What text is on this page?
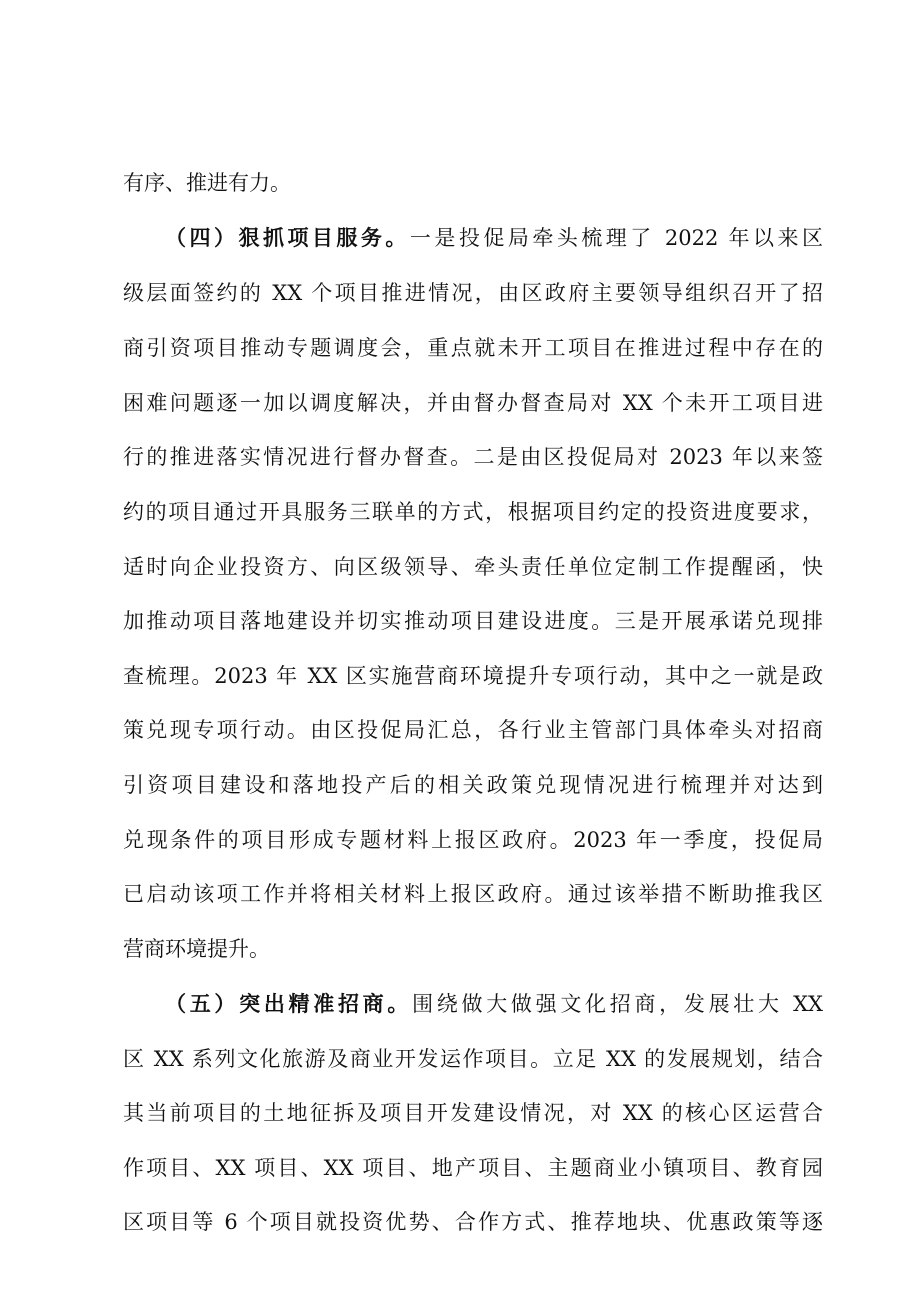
有序、推进有力。
（四）狠抓项目服务。一是投促局牵头梳理了 2022 年以来区
级层面签约的 XX 个项目推进情况，由区政府主要领导组织召开了招
商引资项目推动专题调度会，重点就未开工项目在推进过程中存在的
困难问题逐一加以调度解决，并由督办督查局对 XX 个未开工项目进
行的推进落实情况进行督办督查。二是由区投促局对 2023 年以来签
约的项目通过开具服务三联单的方式，根据项目约定的投资进度要求，
适时向企业投资方、向区级领导、牵头责任单位定制工作提醒函，快
加推动项目落地建设并切实推动项目建设进度。三是开展承诺兑现排
查梳理。2023 年 XX 区实施营商环境提升专项行动，其中之一就是政
策兑现专项行动。由区投促局汇总，各行业主管部门具体牵头对招商
引资项目建设和落地投产后的相关政策兑现情况进行梳理并对达到
兑现条件的项目形成专题材料上报区政府。2023 年一季度，投促局
已启动该项工作并将相关材料上报区政府。通过该举措不断助推我区
营商环境提升。
（五）突出精准招商。围绕做大做强文化招商，发展壮大 XX
区 XX 系列文化旅游及商业开发运作项目。立足 XX 的发展规划，结合
其当前项目的土地征拆及项目开发建设情况，对 XX 的核心区运营合
作项目、XX 项目、XX 项目、地产项目、主题商业小镇项目、教育园
区项目等 6 个项目就投资优势、合作方式、推荐地块、优惠政策等逐
